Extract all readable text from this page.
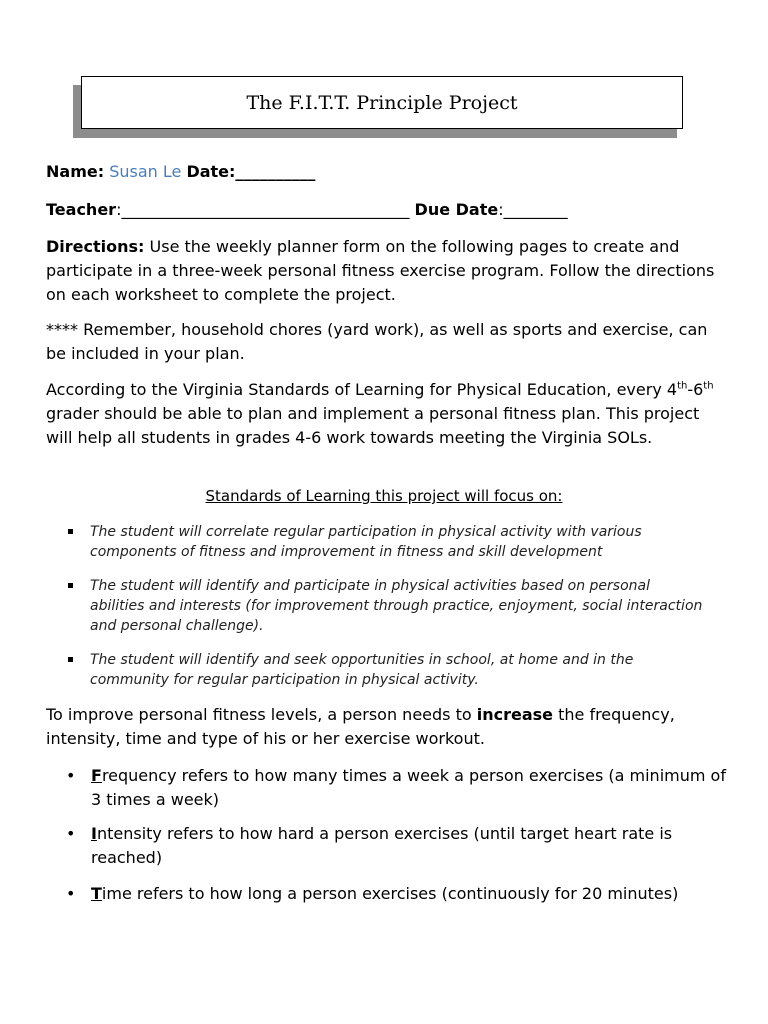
The F.I.T.T. Principle Project
Name: Susan Le Date:__________
Teacher:____________________________________ Due Date:________

Directions: Use the weekly planner form on the following pages to create and participate in a three-week personal fitness exercise program. Follow the directions on each worksheet to complete the project.

**** Remember, household chores (yard work), as well as sports and exercise, can be included in your plan.

According to the Virginia Standards of Learning for Physical Education, every 4th-6th grader should be able to plan and implement a personal fitness plan. This project will help all students in grades 4-6 work towards meeting the Virginia SOLs.

Standards of Learning this project will focus on:
The student will correlate regular participation in physical activity with various components of fitness and improvement in fitness and skill development
The student will identify and participate in physical activities based on personal abilities and interests (for improvement through practice, enjoyment, social interaction and personal challenge).
The student will identify and seek opportunities in school, at home and in the community for regular participation in physical activity.

To improve personal fitness levels, a person needs to increase the frequency, intensity, time and type of his or her exercise workout.

• Frequency refers to how many times a week a person exercises (a minimum of 3 times a week)
• Intensity refers to how hard a person exercises (until target heart rate is reached)
• Time refers to how long a person exercises (continuously for 20 minutes)
